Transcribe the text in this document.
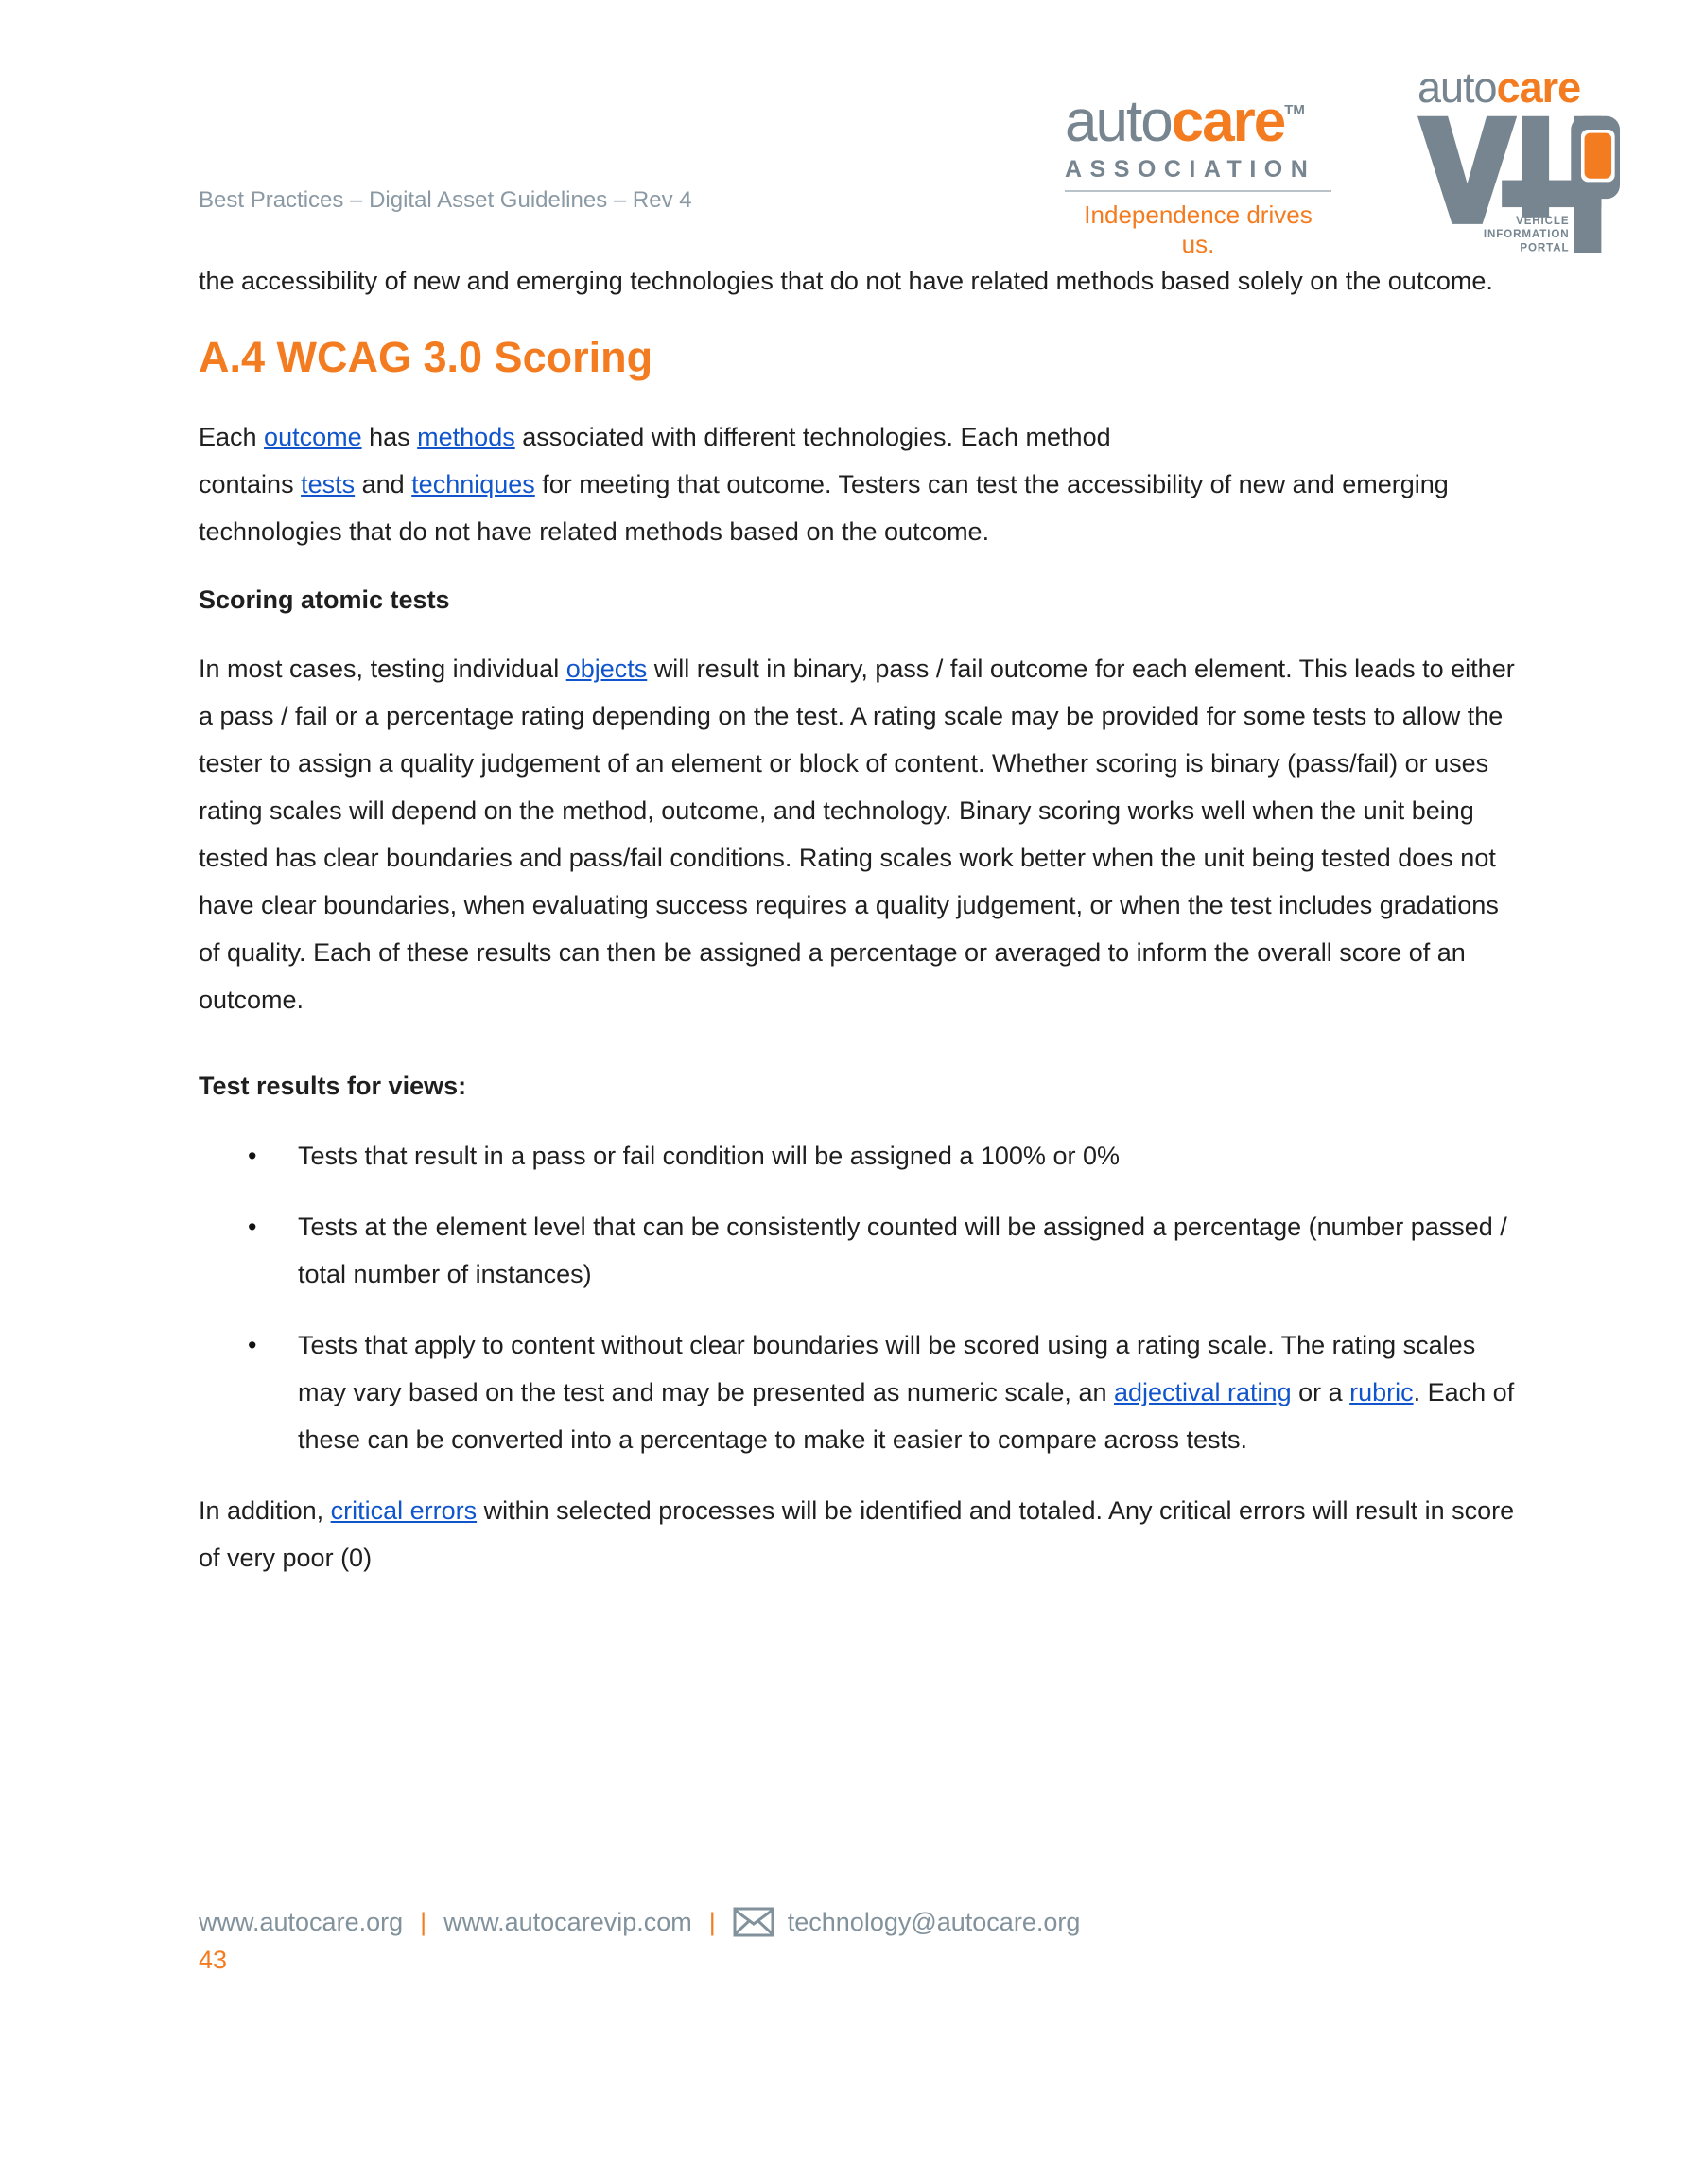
autocare™
ASSOCIATION
Independence drives us.
autocare
VEHICLE
INFORMATION
PORTAL
Best Practices – Digital Asset Guidelines – Rev 4

the accessibility of new and emerging technologies that do not have related methods based solely on the outcome.

A.4 WCAG 3.0 Scoring

Each outcome has methods associated with different technologies. Each method
contains tests and techniques for meeting that outcome. Testers can test the accessibility of new and emerging technologies that do not have related methods based on the outcome.

Scoring atomic tests

In most cases, testing individual objects will result in binary, pass / fail outcome for each element. This leads to either a pass / fail or a percentage rating depending on the test. A rating scale may be provided for some tests to allow the tester to assign a quality judgement of an element or block of content. Whether scoring is binary (pass/fail) or uses rating scales will depend on the method, outcome, and technology. Binary scoring works well when the unit being tested has clear boundaries and pass/fail conditions. Rating scales work better when the unit being tested does not have clear boundaries, when evaluating success requires a quality judgement, or when the test includes gradations of quality. Each of these results can then be assigned a percentage or averaged to inform the overall score of an outcome.

Test results for views:
• Tests that result in a pass or fail condition will be assigned a 100% or 0%
• Tests at the element level that can be consistently counted will be assigned a percentage (number passed / total number of instances)
• Tests that apply to content without clear boundaries will be scored using a rating scale. The rating scales may vary based on the test and may be presented as numeric scale, an adjectival rating or a rubric. Each of these can be converted into a percentage to make it easier to compare across tests.

In addition, critical errors within selected processes will be identified and totaled. Any critical errors will result in score of very poor (0)

www.autocare.org | www.autocarevip.com |	technology@autocare.org
43
